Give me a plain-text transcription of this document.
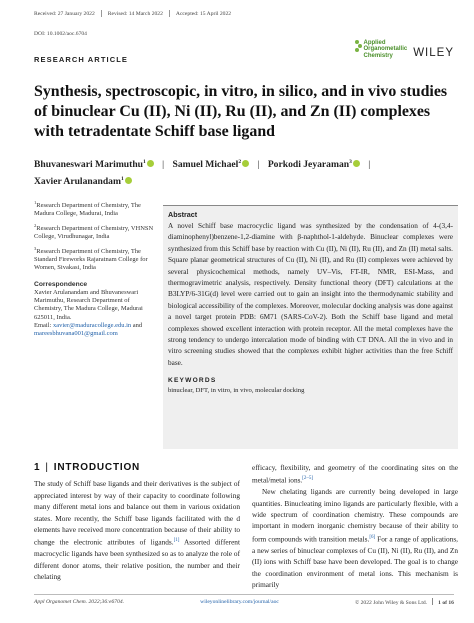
Received: 27 January 2022 Revised: 14 March 2022 Accepted: 15 April 2022
DOI: 10.1002/aoc.6704
Applied
Organometallic
Chemistry	WILEY
RESEARCH ARTICLE
Synthesis, spectroscopic, in vitro, in silico, and in vivo studies of binuclear Cu (II), Ni (II), Ru (II), and Zn (II) complexes with tetradentate Schiff base ligand
Bhuvaneswari Marimuthu$^1$ | Samuel Michael$^2$ | Porkodi Jeyaraman$^3$ |
Xavier Arulanandam$^1$
$^1$Research Department of Chemistry, The Madura College, Madurai, India
$^2$Research Department of Chemistry, VHNSN College, Virudhunagar, India
$^3$Research Department of Chemistry, The Standard Fireworks Rajaratnam College for Women, Sivakasi, India
Correspondence
Xavier Arulanandam and Bhuvaneswari Marimuthu, Research Department of Chemistry, The Madura College, Madurai 625011, India.
Email: xavier@maduracollege.edu.in and mareesbhuvana001@gmail.com
Abstract

A novel Schiff base macrocyclic ligand was synthesized by the condensation of 4-(3,4-diaminophenyl)benzene-1,2-diamine with β-naphthol-1-aldehyde. Binuclear complexes were synthesized from this Schiff base by reaction with Cu (II), Ni (II), Ru (II), and Zn (II) metal salts. Square planar geometrical structures of Cu (II), Ni (II), and Ru (II) complexes were achieved by several physicochemical methods, namely UV–Vis, FT-IR, NMR, ESI-Mass, and thermogravimetric analysis, respectively. Density functional theory (DFT) calculations at the B3LYP/6-31G(d) level were carried out to gain an insight into the thermodynamic stability and biological accessibility of the complexes. Moreover, molecular docking analysis was done against a novel target protein PDB: 6M71 (SARS-CoV-2). Both the Schiff base ligand and metal complexes showed excellent interaction with protein receptor. All the metal complexes have the strong tendency to undergo intercalation mode of binding with CT DNA. All the in vivo and in vitro screening studies showed that the complexes exhibit higher activities than the free Schiff base.

KEYWORDS
binuclear, DFT, in vitro, in vivo, molecular docking
1 | INTRODUCTION

The study of Schiff base ligands and their derivatives is the subject of appreciated interest by way of their capacity to coordinate following many different metal ions and balance out them in various oxidation states. More recently, the Schiff base ligands facilitated with the d elements have received more concentration because of their ability to change the electronic attributes of ligands.[1] Assorted different macrocyclic ligands have been synthesized so as to analyze the role of different donor atoms, their relative position, the number and their chelating

efficacy, flexibility, and geometry of the coordinating sites on the metal/metal ions.[2–5]

New chelating ligands are currently being developed in large quantities. Binucleating imino ligands are particularly flexible, with a wide spectrum of coordination chemistry. These compounds are important in modern inorganic chemistry because of their ability to form compounds with transition metals.[6] For a range of applications, a new series of binuclear complexes of Cu (II), Ni (II), Ru (II), and Zn (II) ions with Schiff base have been developed. The goal is to change the coordination environment of metal ions. This mechanism is primarily

Appl Organomet Chem. 2022;36:e6704.	wileyonlinelibrary.com/journal/aoc	© 2022 John Wiley & Sons Ltd. 1 of 16
